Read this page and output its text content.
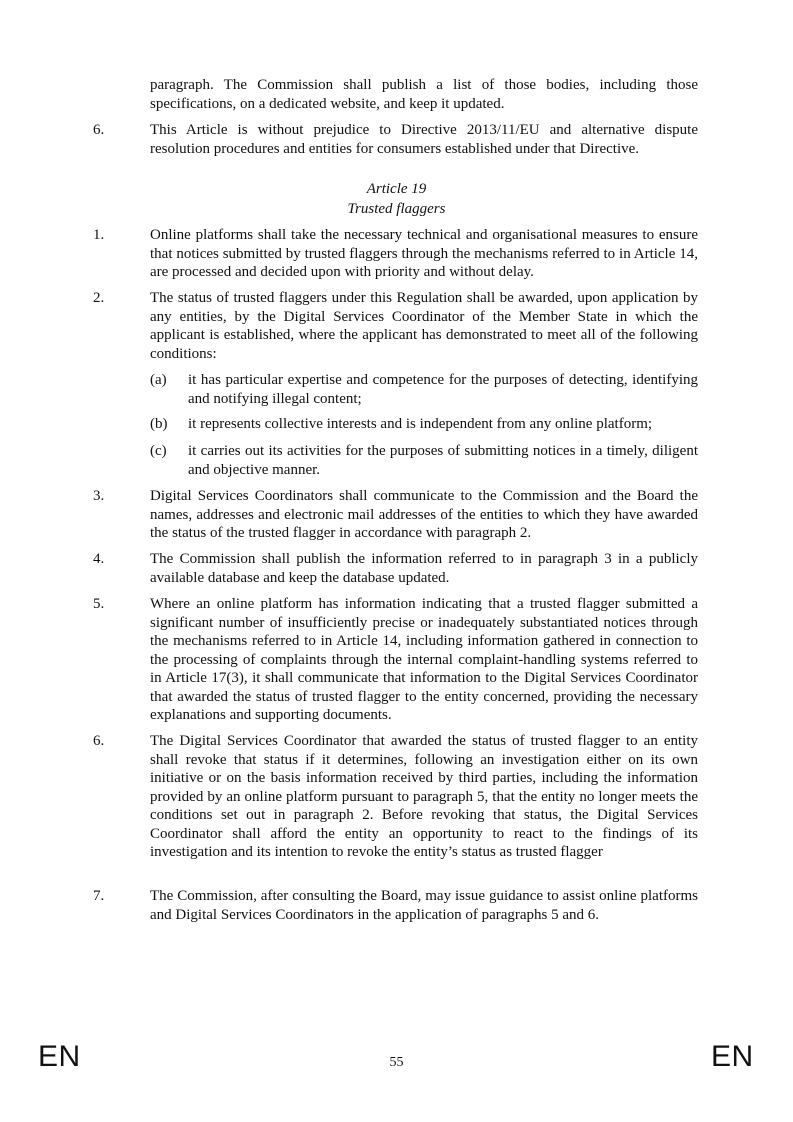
paragraph. The Commission shall publish a list of those bodies, including those specifications, on a dedicated website, and keep it updated.
6.	This Article is without prejudice to Directive 2013/11/EU and alternative dispute resolution procedures and entities for consumers established under that Directive.
Article 19
Trusted flaggers
1.	Online platforms shall take the necessary technical and organisational measures to ensure that notices submitted by trusted flaggers through the mechanisms referred to in Article 14, are processed and decided upon with priority and without delay.
2.	The status of trusted flaggers under this Regulation shall be awarded, upon application by any entities, by the Digital Services Coordinator of the Member State in which the applicant is established, where the applicant has demonstrated to meet all of the following conditions:
(a) it has particular expertise and competence for the purposes of detecting, identifying and notifying illegal content;
(b) it represents collective interests and is independent from any online platform;
(c) it carries out its activities for the purposes of submitting notices in a timely, diligent and objective manner.
3.	Digital Services Coordinators shall communicate to the Commission and the Board the names, addresses and electronic mail addresses of the entities to which they have awarded the status of the trusted flagger in accordance with paragraph 2.
4.	The Commission shall publish the information referred to in paragraph 3 in a publicly available database and keep the database updated.
5.	Where an online platform has information indicating that a trusted flagger submitted a significant number of insufficiently precise or inadequately substantiated notices through the mechanisms referred to in Article 14, including information gathered in connection to the processing of complaints through the internal complaint-handling systems referred to in Article 17(3), it shall communicate that information to the Digital Services Coordinator that awarded the status of trusted flagger to the entity concerned, providing the necessary explanations and supporting documents.
6.	The Digital Services Coordinator that awarded the status of trusted flagger to an entity shall revoke that status if it determines, following an investigation either on its own initiative or on the basis information received by third parties, including the information provided by an online platform pursuant to paragraph 5, that the entity no longer meets the conditions set out in paragraph 2. Before revoking that status, the Digital Services Coordinator shall afford the entity an opportunity to react to the findings of its investigation and its intention to revoke the entity’s status as trusted flagger
7.	The Commission, after consulting the Board, may issue guidance to assist online platforms and Digital Services Coordinators in the application of paragraphs 5 and 6.
EN	55	EN
